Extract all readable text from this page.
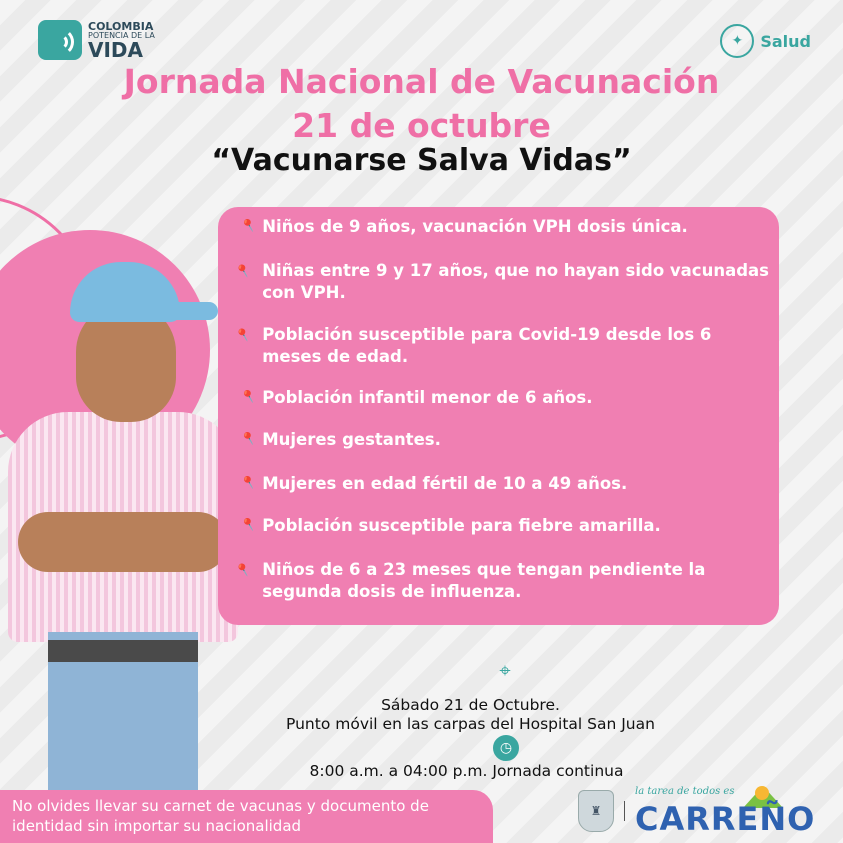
COLOMBIA
POTENCIA DE LA
VIDA	✦	Salud
Jornada Nacional de Vacunación
21 de octubre
“Vacunarse Salva Vidas”
📍 Niños de 9 años, vacunación VPH dosis única.
📍 Niñas entre 9 y 17 años, que no hayan sido vacunadas con VPH.
📍 Población susceptible para Covid-19 desde los 6 meses de edad.
📍 Población infantil menor de 6 años.
📍 Mujeres gestantes.
📍 Mujeres en edad fértil de 10 a 49 años.
📍 Población susceptible para fiebre amarilla.
📍 Niños de 6 a 23 meses que tengan pendiente la segunda dosis de influenza.
⌖
Sábado 21 de Octubre.
Punto móvil en las carpas del Hospital San Juan
◷
8:00 a.m. a 04:00 p.m. Jornada continua
No olvides llevar su carnet de vacunas y documento de
identidad sin importar su nacionalidad
♜
la tarea de todos es
CARREÑO
